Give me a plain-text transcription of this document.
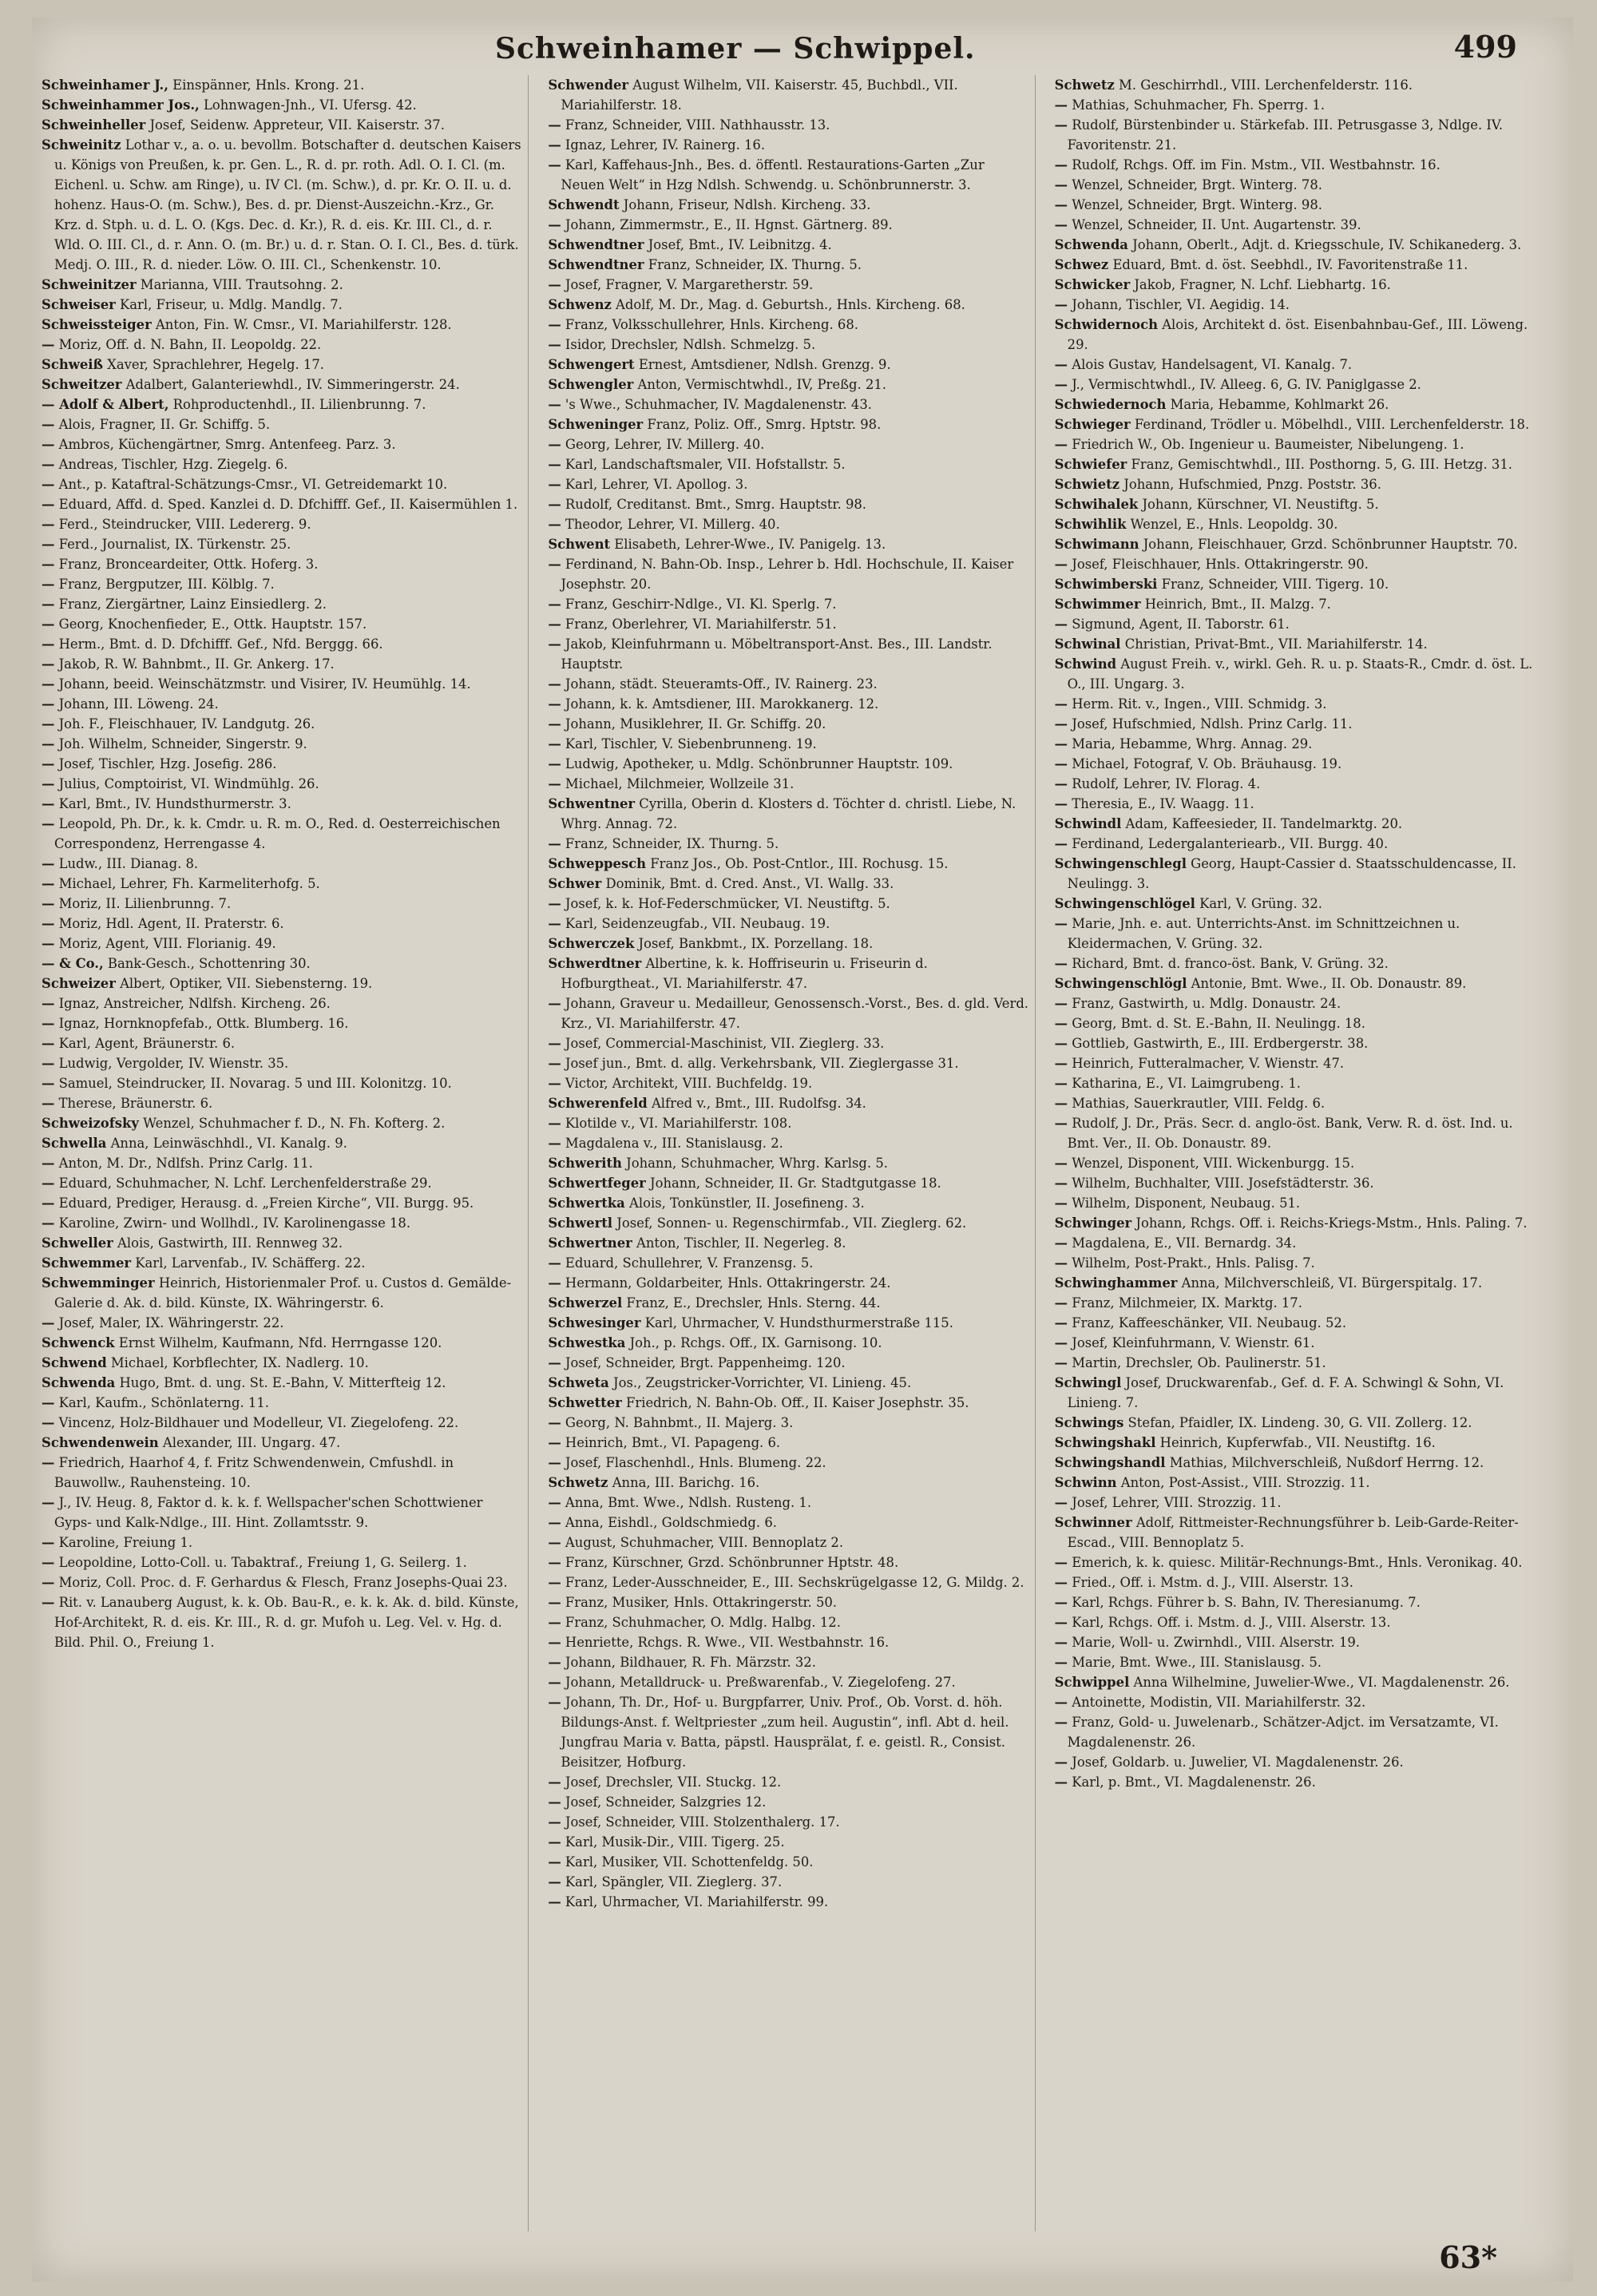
Schweinhamer — Schwippel.	499
Schweinhamer J., Einspänner, Hnls. Krong. 21.
Schweinhammer Jos., Lohnwagen-Jnh., VI. Ufersg. 42.
Schweinheller Josef, Seidenw. Appreteur, VII. Kaiserstr. 37.
Schweinitz Lothar v., a. o. u. bevollm. Botschafter d. deutschen Kaisers u. Königs von Preußen, k. pr. Gen. L., R. d. pr. roth. Adl. O. I. Cl. (m. Eichenl. u. Schw. am Ringe), u. IV Cl. (m. Schw.), d. pr. Kr. O. II. u. d. hohenz. Haus-O. (m. Schw.), Bes. d. pr. Dienst-Auszeichn.-Krz., Gr. Krz. d. Stph. u. d. L. O. (Kgs. Dec. d. Kr.), R. d. eis. Kr. III. Cl., d. r. Wld. O. III. Cl., d. r. Ann. O. (m. Br.) u. d. r. Stan. O. I. Cl., Bes. d. türk. Medj. O. III., R. d. nieder. Löw. O. III. Cl., Schenkenstr. 10.
Schweinitzer Marianna, VIII. Trautsohng. 2.
Schweiser Karl, Friseur, u. Mdlg. Mandlg. 7.
Schweissteiger Anton, Fin. W. Cmsr., VI. Mariahilferstr. 128.
— Moriz, Off. d. N. Bahn, II. Leopoldg. 22.
Schweiß Xaver, Sprachlehrer, Hegelg. 17.
Schweitzer Adalbert, Galanteriewhdl., IV. Simmeringerstr. 24.
— Adolf & Albert, Rohproductenhdl., II. Lilienbrunng. 7.
— Alois, Fragner, II. Gr. Schiffg. 5.
— Ambros, Küchengärtner, Smrg. Antenfeeg. Parz. 3.
— Andreas, Tischler, Hzg. Ziegelg. 6.
— Ant., p. Kataftral-Schätzungs-Cmsr., VI. Getreidemarkt 10.
— Eduard, Affd. d. Sped. Kanzlei d. D. Dfchifff. Gef., II. Kaisermühlen 1.
— Ferd., Steindrucker, VIII. Ledererg. 9.
— Ferd., Journalist, IX. Türkenstr. 25.
— Franz, Bronceardeiter, Ottk. Hoferg. 3.
— Franz, Bergputzer, III. Kölblg. 7.
— Franz, Ziergärtner, Lainz Einsiedlerg. 2.
— Georg, Knochenfieder, E., Ottk. Hauptstr. 157.
— Herm., Bmt. d. D. Dfchifff. Gef., Nfd. Berggg. 66.
— Jakob, R. W. Bahnbmt., II. Gr. Ankerg. 17.
— Johann, beeid. Weinschätzmstr. und Visirer, IV. Heumühlg. 14.
— Johann, III. Löweng. 24.
— Joh. F., Fleischhauer, IV. Landgutg. 26.
— Joh. Wilhelm, Schneider, Singerstr. 9.
— Josef, Tischler, Hzg. Josefig. 286.
— Julius, Comptoirist, VI. Windmühlg. 26.
— Karl, Bmt., IV. Hundsthurmerstr. 3.
— Leopold, Ph. Dr., k. k. Cmdr. u. R. m. O., Red. d. Oesterreichischen Correspondenz, Herrengasse 4.
— Ludw., III. Dianag. 8.
— Michael, Lehrer, Fh. Karmeliterhofg. 5.
— Moriz, II. Lilienbrunng. 7.
— Moriz, Hdl. Agent, II. Praterstr. 6.
— Moriz, Agent, VIII. Florianig. 49.
— & Co., Bank-Gesch., Schottenring 30.
Schweizer Albert, Optiker, VII. Siebensterng. 19.
— Ignaz, Anstreicher, Ndlfsh. Kircheng. 26.
— Ignaz, Hornknopfefab., Ottk. Blumberg. 16.
— Karl, Agent, Bräunerstr. 6.
— Ludwig, Vergolder, IV. Wienstr. 35.
— Samuel, Steindrucker, II. Novarag. 5 und III. Kolonitzg. 10.
— Therese, Bräunerstr. 6.
Schweizofsky Wenzel, Schuhmacher f. D., N. Fh. Kofterg. 2.
Schwella Anna, Leinwäschhdl., VI. Kanalg. 9.
— Anton, M. Dr., Ndlfsh. Prinz Carlg. 11.
— Eduard, Schuhmacher, N. Lchf. Lerchenfelderstraße 29.
— Eduard, Prediger, Herausg. d. „Freien Kirche“, VII. Burgg. 95.
— Karoline, Zwirn- und Wollhdl., IV. Karolinengasse 18.
Schweller Alois, Gastwirth, III. Rennweg 32.
Schwemmer Karl, Larvenfab., IV. Schäfferg. 22.
Schwemminger Heinrich, Historienmaler Prof. u. Custos d. Gemälde-Galerie d. Ak. d. bild. Künste, IX. Währingerstr. 6.
— Josef, Maler, IX. Währingerstr. 22.
Schwenck Ernst Wilhelm, Kaufmann, Nfd. Herrngasse 120.
Schwend Michael, Korbflechter, IX. Nadlerg. 10.
Schwenda Hugo, Bmt. d. ung. St. E.-Bahn, V. Mitterfteig 12.
— Karl, Kaufm., Schönlaterng. 11.
— Vincenz, Holz-Bildhauer und Modelleur, VI. Ziegelofeng. 22.
Schwendenwein Alexander, III. Ungarg. 47.
— Friedrich, Haarhof 4, f. Fritz Schwendenwein, Cmfushdl. in Bauwollw., Rauhensteing. 10.
— J., IV. Heug. 8, Faktor d. k. k. f. Wellspacher'schen Schottwiener Gyps- und Kalk-Ndlge., III. Hint. Zollamtsstr. 9.
— Karoline, Freiung 1.
— Leopoldine, Lotto-Coll. u. Tabaktraf., Freiung 1, G. Seilerg. 1.
— Moriz, Coll. Proc. d. F. Gerhardus & Flesch, Franz Josephs-Quai 23.
— Rit. v. Lanauberg August, k. k. Ob. Bau-R., e. k. k. Ak. d. bild. Künste, Hof-Architekt, R. d. eis. Kr. III., R. d. gr. Mufoh u. Leg. Vel. v. Hg. d. Bild. Phil. O., Freiung 1.
Schwender August Wilhelm, VII. Kaiserstr. 45, Buchbdl., VII. Mariahilferstr. 18.
— Franz, Schneider, VIII. Nathhausstr. 13.
— Ignaz, Lehrer, IV. Rainerg. 16.
— Karl, Kaffehaus-Jnh., Bes. d. öffentl. Restaurations-Garten „Zur Neuen Welt“ in Hzg Ndlsh. Schwendg. u. Schönbrunnerstr. 3.
Schwendt Johann, Friseur, Ndlsh. Kircheng. 33.
— Johann, Zimmermstr., E., II. Hgnst. Gärtnerg. 89.
Schwendtner Josef, Bmt., IV. Leibnitzg. 4.
Schwendtner Franz, Schneider, IX. Thurng. 5.
— Josef, Fragner, V. Margaretherstr. 59.
Schwenz Adolf, M. Dr., Mag. d. Geburtsh., Hnls. Kircheng. 68.
— Franz, Volksschullehrer, Hnls. Kircheng. 68.
— Isidor, Drechsler, Ndlsh. Schmelzg. 5.
Schwengert Ernest, Amtsdiener, Ndlsh. Grenzg. 9.
Schwengler Anton, Vermischtwhdl., IV, Preßg. 21.
— 's Wwe., Schuhmacher, IV. Magdalenenstr. 43.
Schweninger Franz, Poliz. Off., Smrg. Hptstr. 98.
— Georg, Lehrer, IV. Millerg. 40.
— Karl, Landschaftsmaler, VII. Hofstallstr. 5.
— Karl, Lehrer, VI. Apollog. 3.
— Rudolf, Creditanst. Bmt., Smrg. Hauptstr. 98.
— Theodor, Lehrer, VI. Millerg. 40.
Schwent Elisabeth, Lehrer-Wwe., IV. Panigelg. 13.
— Ferdinand, N. Bahn-Ob. Insp., Lehrer b. Hdl. Hochschule, II. Kaiser Josephstr. 20.
— Franz, Geschirr-Ndlge., VI. Kl. Sperlg. 7.
— Franz, Oberlehrer, VI. Mariahilferstr. 51.
— Jakob, Kleinfuhrmann u. Möbeltransport-Anst. Bes., III. Landstr. Hauptstr.
— Johann, städt. Steueramts-Off., IV. Rainerg. 23.
— Johann, k. k. Amtsdiener, III. Marokkanerg. 12.
— Johann, Musiklehrer, II. Gr. Schiffg. 20.
— Karl, Tischler, V. Siebenbrunneng. 19.
— Ludwig, Apotheker, u. Mdlg. Schönbrunner Hauptstr. 109.
— Michael, Milchmeier, Wollzeile 31.
Schwentner Cyrilla, Oberin d. Klosters d. Töchter d. christl. Liebe, N. Whrg. Annag. 72.
— Franz, Schneider, IX. Thurng. 5.
Schweppesch Franz Jos., Ob. Post-Cntlor., III. Rochusg. 15.
Schwer Dominik, Bmt. d. Cred. Anst., VI. Wallg. 33.
— Josef, k. k. Hof-Federschmücker, VI. Neustiftg. 5.
— Karl, Seidenzeugfab., VII. Neubaug. 19.
Schwerczek Josef, Bankbmt., IX. Porzellang. 18.
Schwerdtner Albertine, k. k. Hoffriseurin u. Friseurin d. Hofburgtheat., VI. Mariahilferstr. 47.
— Johann, Graveur u. Medailleur, Genossensch.-Vorst., Bes. d. gld. Verd. Krz., VI. Mariahilferstr. 47.
— Josef, Commercial-Maschinist, VII. Zieglerg. 33.
— Josef jun., Bmt. d. allg. Verkehrsbank, VII. Zieglergasse 31.
— Victor, Architekt, VIII. Buchfeldg. 19.
Schwerenfeld Alfred v., Bmt., III. Rudolfsg. 34.
— Klotilde v., VI. Mariahilferstr. 108.
— Magdalena v., III. Stanislausg. 2.
Schwerith Johann, Schuhmacher, Whrg. Karlsg. 5.
Schwertfeger Johann, Schneider, II. Gr. Stadtgutgasse 18.
Schwertka Alois, Tonkünstler, II. Josefineng. 3.
Schwertl Josef, Sonnen- u. Regenschirmfab., VII. Zieglerg. 62.
Schwertner Anton, Tischler, II. Negerleg. 8.
— Eduard, Schullehrer, V. Franzensg. 5.
— Hermann, Goldarbeiter, Hnls. Ottakringerstr. 24.
Schwerzel Franz, E., Drechsler, Hnls. Sterng. 44.
Schwesinger Karl, Uhrmacher, V. Hundsthurmerstraße 115.
Schwestka Joh., p. Rchgs. Off., IX. Garnisong. 10.
— Josef, Schneider, Brgt. Pappenheimg. 120.
Schweta Jos., Zeugstricker-Vorrichter, VI. Linieng. 45.
Schwetter Friedrich, N. Bahn-Ob. Off., II. Kaiser Josephstr. 35.
— Georg, N. Bahnbmt., II. Majerg. 3.
— Heinrich, Bmt., VI. Papageng. 6.
— Josef, Flaschenhdl., Hnls. Blumeng. 22.
Schwetz Anna, III. Barichg. 16.
— Anna, Bmt. Wwe., Ndlsh. Rusteng. 1.
— Anna, Eishdl., Goldschmiedg. 6.
— August, Schuhmacher, VIII. Bennoplatz 2.
— Franz, Kürschner, Grzd. Schönbrunner Hptstr. 48.
— Franz, Leder-Ausschneider, E., III. Sechskrügelgasse 12, G. Mildg. 2.
— Franz, Musiker, Hnls. Ottakringerstr. 50.
— Franz, Schuhmacher, O. Mdlg. Halbg. 12.
— Henriette, Rchgs. R. Wwe., VII. Westbahnstr. 16.
— Johann, Bildhauer, R. Fh. Märzstr. 32.
— Johann, Metalldruck- u. Preßwarenfab., V. Ziegelofeng. 27.
— Johann, Th. Dr., Hof- u. Burgpfarrer, Univ. Prof., Ob. Vorst. d. höh. Bildungs-Anst. f. Weltpriester „zum heil. Augustin“, infl. Abt d. heil. Jungfrau Maria v. Batta, päpstl. Hausprälat, f. e. geistl. R., Consist. Beisitzer, Hofburg.
— Josef, Drechsler, VII. Stuckg. 12.
— Josef, Schneider, Salzgries 12.
— Josef, Schneider, VIII. Stolzenthalerg. 17.
— Karl, Musik-Dir., VIII. Tigerg. 25.
— Karl, Musiker, VII. Schottenfeldg. 50.
— Karl, Spängler, VII. Zieglerg. 37.
— Karl, Uhrmacher, VI. Mariahilferstr. 99.
Schwetz M. Geschirrhdl., VIII. Lerchenfelderstr. 116.
— Mathias, Schuhmacher, Fh. Sperrg. 1.
— Rudolf, Bürstenbinder u. Stärkefab. III. Petrusgasse 3, Ndlge. IV. Favoritenstr. 21.
— Rudolf, Rchgs. Off. im Fin. Mstm., VII. Westbahnstr. 16.
— Wenzel, Schneider, Brgt. Winterg. 78.
— Wenzel, Schneider, Brgt. Winterg. 98.
— Wenzel, Schneider, II. Unt. Augartenstr. 39.
Schwenda Johann, Oberlt., Adjt. d. Kriegsschule, IV. Schikanederg. 3.
Schwez Eduard, Bmt. d. öst. Seebhdl., IV. Favoritenstraße 11.
Schwicker Jakob, Fragner, N. Lchf. Liebhartg. 16.
— Johann, Tischler, VI. Aegidig. 14.
Schwidernoch Alois, Architekt d. öst. Eisenbahnbau-Gef., III. Löweng. 29.
— Alois Gustav, Handelsagent, VI. Kanalg. 7.
— J., Vermischtwhdl., IV. Alleeg. 6, G. IV. Paniglgasse 2.
Schwiedernoch Maria, Hebamme, Kohlmarkt 26.
Schwieger Ferdinand, Trödler u. Möbelhdl., VIII. Lerchenfelderstr. 18.
— Friedrich W., Ob. Ingenieur u. Baumeister, Nibelungeng. 1.
Schwiefer Franz, Gemischtwhdl., III. Posthorng. 5, G. III. Hetzg. 31.
Schwietz Johann, Hufschmied, Pnzg. Poststr. 36.
Schwihalek Johann, Kürschner, VI. Neustiftg. 5.
Schwihlik Wenzel, E., Hnls. Leopoldg. 30.
Schwimann Johann, Fleischhauer, Grzd. Schönbrunner Hauptstr. 70.
— Josef, Fleischhauer, Hnls. Ottakringerstr. 90.
Schwimberski Franz, Schneider, VIII. Tigerg. 10.
Schwimmer Heinrich, Bmt., II. Malzg. 7.
— Sigmund, Agent, II. Taborstr. 61.
Schwinal Christian, Privat-Bmt., VII. Mariahilferstr. 14.
Schwind August Freih. v., wirkl. Geh. R. u. p. Staats-R., Cmdr. d. öst. L. O., III. Ungarg. 3.
— Herm. Rit. v., Ingen., VIII. Schmidg. 3.
— Josef, Hufschmied, Ndlsh. Prinz Carlg. 11.
— Maria, Hebamme, Whrg. Annag. 29.
— Michael, Fotograf, V. Ob. Bräuhausg. 19.
— Rudolf, Lehrer, IV. Florag. 4.
— Theresia, E., IV. Waagg. 11.
Schwindl Adam, Kaffeesieder, II. Tandelmarktg. 20.
— Ferdinand, Ledergalanteriearb., VII. Burgg. 40.
Schwingenschlegl Georg, Haupt-Cassier d. Staatsschuldencasse, II. Neulingg. 3.
Schwingenschlögel Karl, V. Grüng. 32.
— Marie, Jnh. e. aut. Unterrichts-Anst. im Schnittzeichnen u. Kleidermachen, V. Grüng. 32.
— Richard, Bmt. d. franco-öst. Bank, V. Grüng. 32.
Schwingenschlögl Antonie, Bmt. Wwe., II. Ob. Donaustr. 89.
— Franz, Gastwirth, u. Mdlg. Donaustr. 24.
— Georg, Bmt. d. St. E.-Bahn, II. Neulingg. 18.
— Gottlieb, Gastwirth, E., III. Erdbergerstr. 38.
— Heinrich, Futteralmacher, V. Wienstr. 47.
— Katharina, E., VI. Laimgrubeng. 1.
— Mathias, Sauerkrautler, VIII. Feldg. 6.
— Rudolf, J. Dr., Präs. Secr. d. anglo-öst. Bank, Verw. R. d. öst. Ind. u. Bmt. Ver., II. Ob. Donaustr. 89.
— Wenzel, Disponent, VIII. Wickenburgg. 15.
— Wilhelm, Buchhalter, VIII. Josefstädterstr. 36.
— Wilhelm, Disponent, Neubaug. 51.
Schwinger Johann, Rchgs. Off. i. Reichs-Kriegs-Mstm., Hnls. Paling. 7.
— Magdalena, E., VII. Bernardg. 34.
— Wilhelm, Post-Prakt., Hnls. Palisg. 7.
Schwinghammer Anna, Milchverschleiß, VI. Bürgerspitalg. 17.
— Franz, Milchmeier, IX. Marktg. 17.
— Franz, Kaffeeschänker, VII. Neubaug. 52.
— Josef, Kleinfuhrmann, V. Wienstr. 61.
— Martin, Drechsler, Ob. Paulinerstr. 51.
Schwingl Josef, Druckwarenfab., Gef. d. F. A. Schwingl & Sohn, VI. Linieng. 7.
Schwings Stefan, Pfaidler, IX. Lindeng. 30, G. VII. Zollerg. 12.
Schwingshakl Heinrich, Kupferwfab., VII. Neustiftg. 16.
Schwingshandl Mathias, Milchverschleiß, Nußdorf Herrng. 12.
Schwinn Anton, Post-Assist., VIII. Strozzig. 11.
— Josef, Lehrer, VIII. Strozzig. 11.
Schwinner Adolf, Rittmeister-Rechnungsführer b. Leib-Garde-Reiter-Escad., VIII. Bennoplatz 5.
— Emerich, k. k. quiesc. Militär-Rechnungs-Bmt., Hnls. Veronikag. 40.
— Fried., Off. i. Mstm. d. J., VIII. Alserstr. 13.
— Karl, Rchgs. Führer b. S. Bahn, IV. Theresianumg. 7.
— Karl, Rchgs. Off. i. Mstm. d. J., VIII. Alserstr. 13.
— Marie, Woll- u. Zwirnhdl., VIII. Alserstr. 19.
— Marie, Bmt. Wwe., III. Stanislausg. 5.
Schwippel Anna Wilhelmine, Juwelier-Wwe., VI. Magdalenenstr. 26.
— Antoinette, Modistin, VII. Mariahilferstr. 32.
— Franz, Gold- u. Juwelenarb., Schätzer-Adjct. im Versatzamte, VI. Magdalenenstr. 26.
— Josef, Goldarb. u. Juwelier, VI. Magdalenenstr. 26.
— Karl, p. Bmt., VI. Magdalenenstr. 26.
63*
